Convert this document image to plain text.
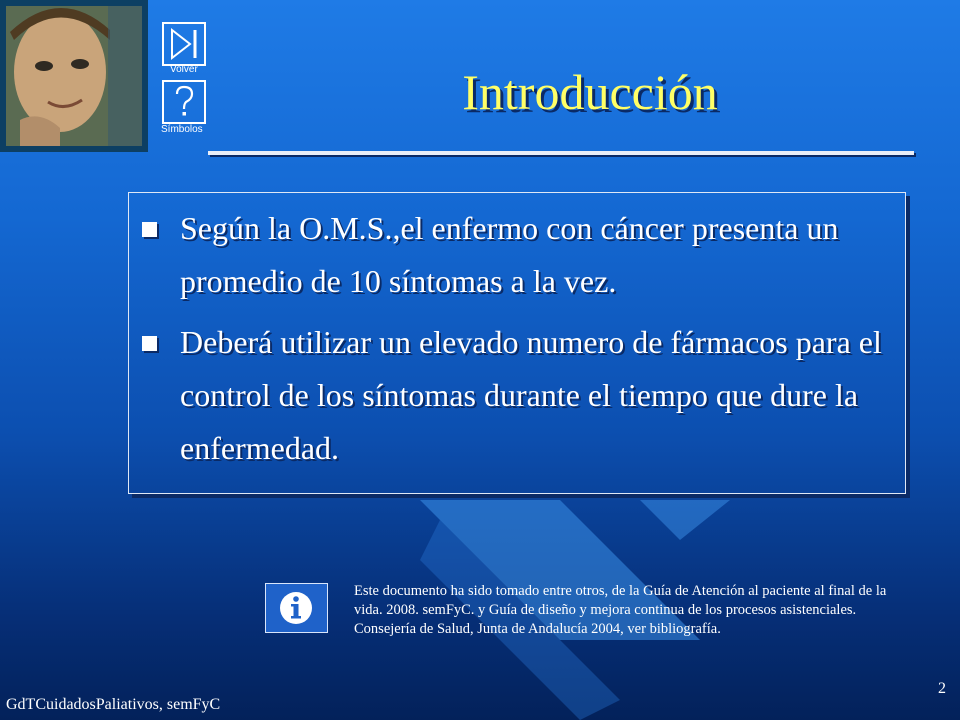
Volver
Símbolos
Introducción
Según la O.M.S.,el enfermo con cáncer presenta un promedio de 10 síntomas a la vez.
Deberá utilizar un elevado numero de fármacos para el control de los síntomas durante el tiempo que dure la enfermedad.
Este documento ha sido tomado entre otros, de la Guía de Atención al paciente al final de la vida. 2008. semFyC. y Guía de diseño y mejora continua de los procesos asistenciales. Consejería de Salud, Junta de Andalucía 2004, ver bibliografía.
GdTCuidadosPaliativos, semFyC
2
